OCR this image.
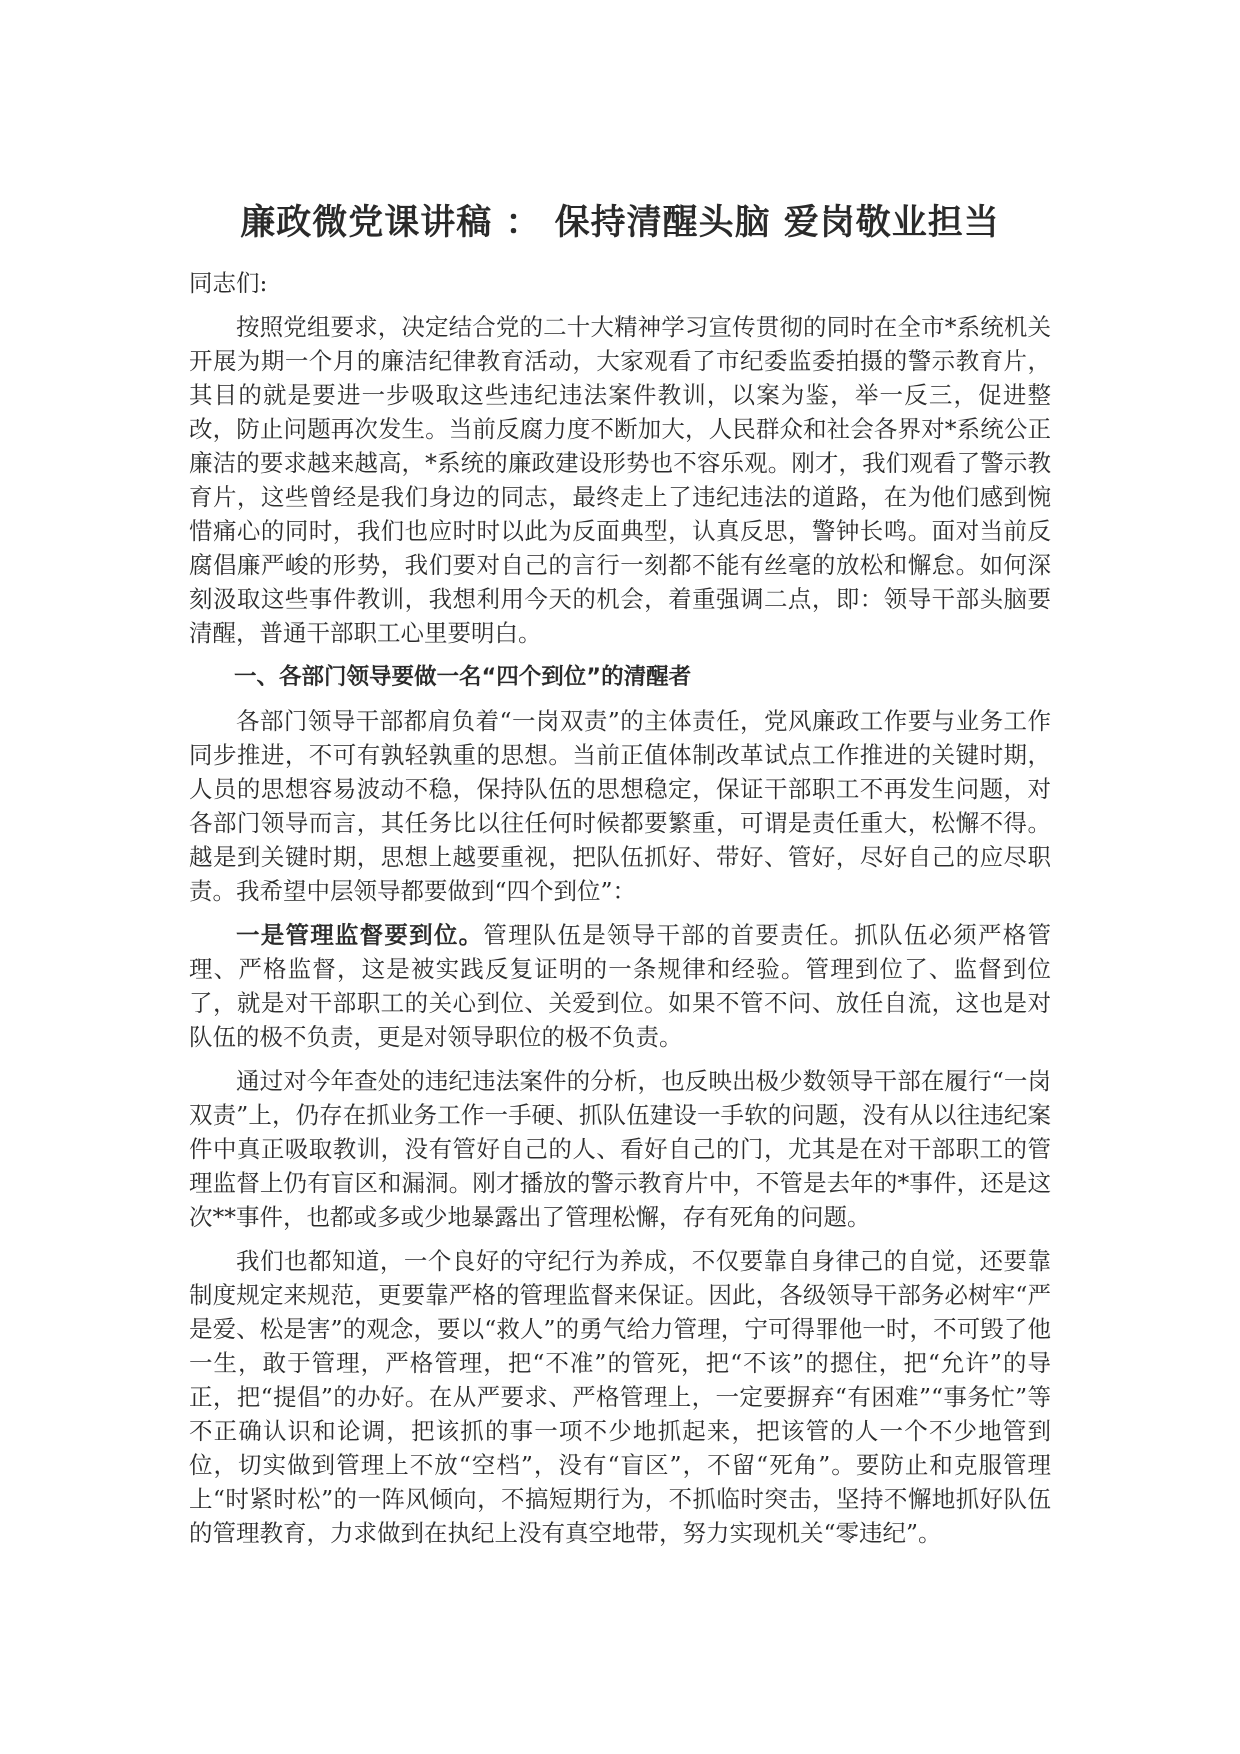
廉政微党课讲稿 ： 保持清醒头脑 爱岗敬业担当

同志们:

按照党组要求，决定结合党的二十大精神学习宣传贯彻的同时在全市*系统机关开展为期一个月的廉洁纪律教育活动，大家观看了市纪委监委拍摄的警示教育片，其目的就是要进一步吸取这些违纪违法案件教训，以案为鉴，举一反三，促进整改，防止问题再次发生。当前反腐力度不断加大，人民群众和社会各界对*系统公正廉洁的要求越来越高，*系统的廉政建设形势也不容乐观。刚才，我们观看了警示教育片，这些曾经是我们身边的同志，最终走上了违纪违法的道路，在为他们感到惋惜痛心的同时，我们也应时时以此为反面典型，认真反思，警钟长鸣。面对当前反腐倡廉严峻的形势，我们要对自己的言行一刻都不能有丝毫的放松和懈怠。如何深刻汲取这些事件教训，我想利用今天的机会，着重强调二点，即：领导干部头脑要清醒，普通干部职工心里要明白。

一、各部门领导要做一名“四个到位”的清醒者

各部门领导干部都肩负着“一岗双责”的主体责任，党风廉政工作要与业务工作同步推进，不可有孰轻孰重的思想。当前正值体制改革试点工作推进的关键时期，人员的思想容易波动不稳，保持队伍的思想稳定，保证干部职工不再发生问题，对各部门领导而言，其任务比以往任何时候都要繁重，可谓是责任重大，松懈不得。越是到关键时期，思想上越要重视，把队伍抓好、带好、管好，尽好自己的应尽职责。我希望中层领导都要做到“四个到位”：

一是管理监督要到位。管理队伍是领导干部的首要责任。抓队伍必须严格管理、严格监督，这是被实践反复证明的一条规律和经验。管理到位了、监督到位了，就是对干部职工的关心到位、关爱到位。如果不管不问、放任自流，这也是对队伍的极不负责，更是对领导职位的极不负责。

通过对今年查处的违纪违法案件的分析，也反映出极少数领导干部在履行“一岗双责”上，仍存在抓业务工作一手硬、抓队伍建设一手软的问题，没有从以往违纪案件中真正吸取教训，没有管好自己的人、看好自己的门，尤其是在对干部职工的管理监督上仍有盲区和漏洞。刚才播放的警示教育片中，不管是去年的*事件，还是这次**事件，也都或多或少地暴露出了管理松懈，存有死角的问题。

我们也都知道，一个良好的守纪行为养成，不仅要靠自身律己的自觉，还要靠制度规定来规范，更要靠严格的管理监督来保证。因此，各级领导干部务必树牢“严是爱、松是害”的观念，要以“救人”的勇气给力管理，宁可得罪他一时，不可毁了他一生，敢于管理，严格管理，把“不准”的管死，把“不该”的摁住，把“允许”的导正，把“提倡”的办好。在从严要求、严格管理上，一定要摒弃“有困难”“事务忙”等不正确认识和论调，把该抓的事一项不少地抓起来，把该管的人一个不少地管到位，切实做到管理上不放“空档”，没有“盲区”，不留“死角”。要防止和克服管理上“时紧时松”的一阵风倾向，不搞短期行为，不抓临时突击，坚持不懈地抓好队伍的管理教育，力求做到在执纪上没有真空地带，努力实现机关“零违纪”。
